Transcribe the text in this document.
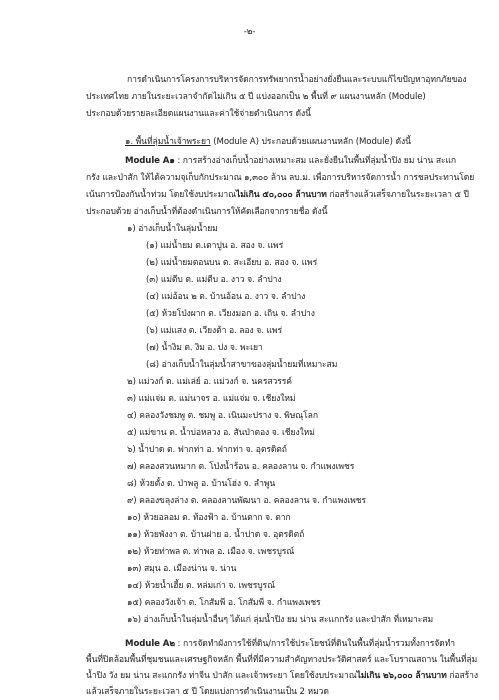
-๒-
การดำเนินการโครงการบริหารจัดการทรัพยากรน้ำอย่างยั่งยืนและระบบแก้ไขปัญหาอุทกภัยของ
ประเทศไทย ภายในระยะเวลาจำกัดไม่เกิน ๕ ปี แบ่งออกเป็น ๒ พื้นที่ ๙ แผนงานหลัก (Module)
ประกอบด้วยรายละเอียดแผนงานและค่าใช้จ่ายดำเนินการ ดังนี้
๑. พื้นที่ลุ่มน้ำเจ้าพระยา (Module A) ประกอบด้วยแผนงานหลัก (Module) ดังนี้
Module A๑ : การสร้างอ่างเก็บน้ำอย่างเหมาะสม และยั่งยืนในพื้นที่ลุ่มน้ำปิง ยม น่าน สะแก
กรัง และป่าสัก ให้ได้ความจุเก็บกักประมาณ ๑,๓๐๐ ล้าน ลบ.ม. เพื่อการบริหารจัดการน้ำ การชลประทานโดย
เน้นการป้องกันน้ำท่วม โดยใช้งบประมาณไม่เกิน ๕๐,๐๐๐ ล้านบาท ก่อสร้างแล้วเสร็จภายในระยะเวลา ๕ ปี
ประกอบด้วย อ่างเก็บน้ำที่ต้องดำเนินการให้คัดเลือกจากรายชื่อ ดังนี้
๑) อ่างเก็บน้ำในลุ่มน้ำยม
(๑) แม่น้ำยม ต.เตาปูน อ. สอง จ. แพร่
(๒) แม่น้ำยมตอนบน ต. สะเอียบ อ. สอง จ. แพร่
(๓) แม่ตีบ ต. แม่ตีบ อ. งาว จ. ลำปาง
(๔) แม่อ้อน ๒ ต. บ้านอ้อน อ. งาว จ. ลำปาง
(๕) ห้วยโป่งผาก ต. เวียงมอก อ. เถิน จ. ลำปาง
(๖) แม่แสง ต. เวียงต้า อ. ลอง จ. แพร่
(๗) น้ำงิม ต. งิม อ. ปง จ. พะเยา
(๘) อ่างเก็บน้ำในลุ่มน้ำสาขาของลุ่มน้ำยมที่เหมาะสม
๒) แม่วงก์ ต. แม่เล่ย์ อ. แม่วงก์ จ. นครสวรรค์
๓) แม่แจ่ม ต. แม่นาจร อ. แม่แจ่ม จ. เชียงใหม่
๔) คลองวังชมพู ต. ชมพู อ. เนินมะปราง จ. พิษณุโลก
๕) แม่ขาน ต. น้ำบ่อหลวง อ. สันป่าตอง จ. เชียงใหม่
๖) น้ำปาด ต. ฟากท่า อ. ฟากท่า จ. อุตรดิตถ์
๗) คลองสวนหมาก ต. โป่งน้ำร้อน อ. คลองลาน จ. กำแพงเพชร
๘) ห้วยตั้ง ต. ป่าพลู อ. บ้านโฮ่ง จ. ลำพูน
๙) คลองขลุงล่าง ต. คลองลานพัฒนา อ. คลองลาน จ. กำแพงเพชร
๑๐) ห้วยอลอม ต. ท้องฟ้า อ. บ้านตาก จ. ตาก
๑๑) ห้วยพังงา ต. บ้านฝาย อ. น้ำปาด จ. อุตรดิตถ์
๑๒) ห้วยท่าพล ต. ท่าพล อ. เมือง จ. เพชรบูรณ์
๑๓) สมุน อ. เมืองน่าน จ. น่าน
๑๔) ห้วยน้ำเฮี้ย ต. หล่มเก่า จ. เพชรบูรณ์
๑๕) คลองวังเจ้า ต. โกสัมพี อ. โกสัมพี จ. กำแพงเพชร
๑๖) อ่างเก็บน้ำในลุ่มน้ำอื่นๆ ได้แก่ ลุ่มน้ำปิง ยม น่าน สะแกกรัง และป่าสัก ที่เหมาะสม
Module A๒ : การจัดทำผังการใช้ที่ดิน/การใช้ประโยชน์ที่ดินในพื้นที่ลุ่มน้ำรวมทั้งการจัดทำ
พื้นที่ปิดล้อมพื้นที่ชุมชนและเศรษฐกิจหลัก พื้นที่ที่มีความสำคัญทางประวัติศาสตร์ และโบราณสถาน ในพื้นที่ลุ่ม
น้ำปิง วัง ยม น่าน สะแกกรัง ท่าจีน ป่าสัก และเจ้าพระยา โดยใช้งบประมาณไม่เกิน ๒๖,๐๐๐ ล้านบาท ก่อสร้าง
แล้วเสร็จภายในระยะเวลา ๕ ปี โดยแบ่งการดำเนินงานเป็น 2 หมวด
